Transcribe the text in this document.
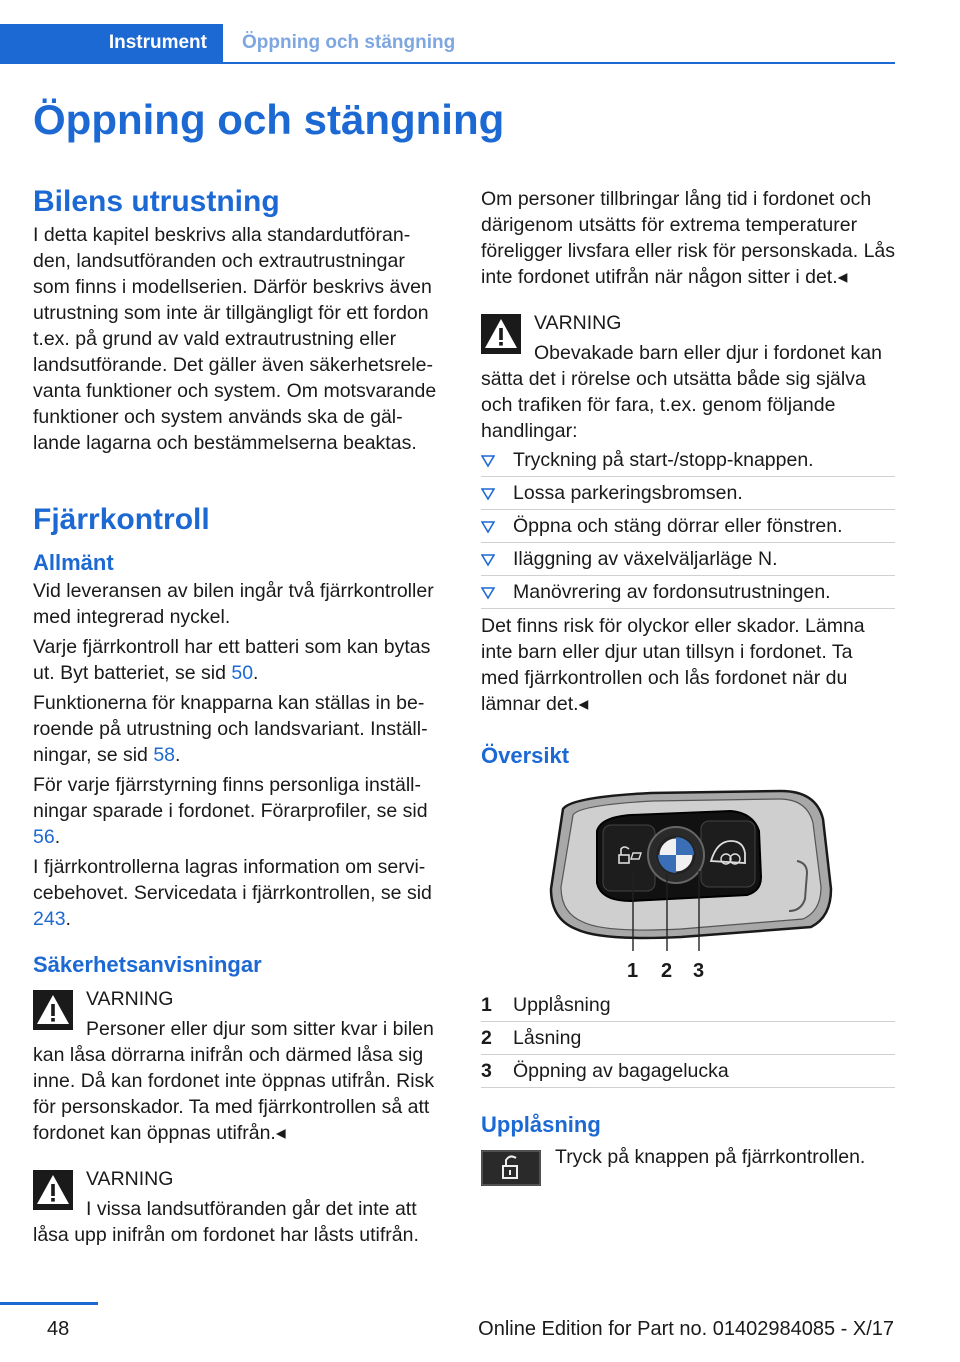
Instrument	Öppning och stängning
Öppning och stängning
Bilens utrustning

I detta kapitel beskrivs alla standardutföran-den, landsutföranden och extrautrustningar som finns i modellserien. Därför beskrivs även utrustning som inte är tillgängligt för ett fordon t.ex. på grund av vald extrautrustning eller landsutförande. Det gäller även säkerhetsrele-vanta funktioner och system. Om motsvarande funktioner och system används ska de gäl-lande lagarna och bestämmelserna beaktas.

Fjärrkontroll
Allmänt

Vid leveransen av bilen ingår två fjärrkontroller med integrerad nyckel.

Varje fjärrkontroll har ett batteri som kan bytas ut. Byt batteriet, se sid 50.

Funktionerna för knapparna kan ställas in be-roende på utrustning och landsvariant. Inställ-ningar, se sid 58.

För varje fjärrstyrning finns personliga inställ-ningar sparade i fordonet. Förarprofiler, se sid 56.

I fjärrkontrollerna lagras information om servi-cebehovet. Servicedata i fjärrkontrollen, se sid 243.

Säkerhetsanvisningar

VARNING

Personer eller djur som sitter kvar i bilen

kan låsa dörrarna inifrån och därmed låsa sig inne. Då kan fordonet inte öppnas utifrån. Risk för personskador. Ta med fjärrkontrollen så att fordonet kan öppnas utifrån.◂

VARNING

I vissa landsutföranden går det inte att

låsa upp inifrån om fordonet har låsts utifrån.

Om personer tillbringar lång tid i fordonet och därigenom utsätts för extrema temperaturer föreligger livsfara eller risk för personskada. Lås inte fordonet utifrån när någon sitter i det.◂

VARNING

Obevakade barn eller djur i fordonet kan

sätta det i rörelse och utsätta både sig själva och trafiken för fara, t.ex. genom följande handlingar:

Tryckning på start-/stopp-knappen.
Lossa parkeringsbromsen.
Öppna och stäng dörrar eller fönstren.
Iläggning av växelväljarläge N.
Manövrering av fordonsutrustningen.

Det finns risk för olyckor eller skador. Lämna inte barn eller djur utan tillsyn i fordonet. Ta med fjärrkontrollen och lås fordonet när du lämnar det.◂

Översikt
1 2 3
1 Upplåsning
2 Låsning
3 Öppning av bagagelucka
Upplåsning

Tryck på knappen på fjärrkontrollen.

48	Online Edition for Part no. 01402984085 - X/17
